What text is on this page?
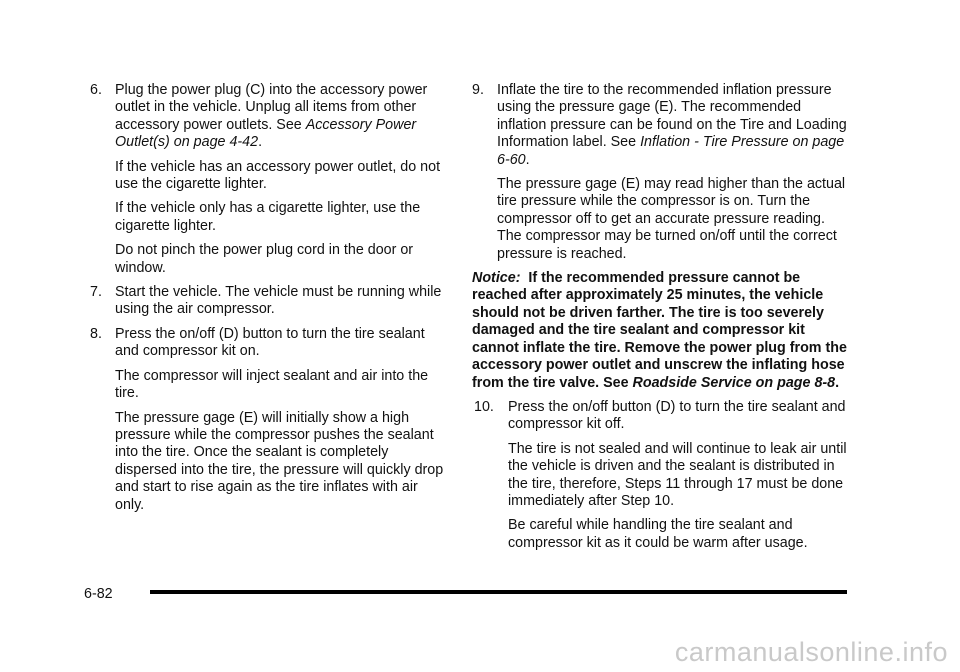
6. Plug the power plug (C) into the accessory power outlet in the vehicle. Unplug all items from other accessory power outlets. See Accessory Power Outlet(s) on page 4-42.

If the vehicle has an accessory power outlet, do not use the cigarette lighter.

If the vehicle only has a cigarette lighter, use the cigarette lighter.

Do not pinch the power plug cord in the door or window.

7. Start the vehicle. The vehicle must be running while using the air compressor.
8. Press the on/off (D) button to turn the tire sealant and compressor kit on.

The compressor will inject sealant and air into the tire.

The pressure gage (E) will initially show a high pressure while the compressor pushes the sealant into the tire. Once the sealant is completely dispersed into the tire, the pressure will quickly drop and start to rise again as the tire inflates with air only.

9. Inflate the tire to the recommended inflation pressure using the pressure gage (E). The recommended inflation pressure can be found on the Tire and Loading Information label. See Inflation - Tire Pressure on page 6-60.

The pressure gage (E) may read higher than the actual tire pressure while the compressor is on. Turn the compressor off to get an accurate pressure reading. The compressor may be turned on/off until the correct pressure is reached.

Notice: If the recommended pressure cannot be reached after approximately 25 minutes, the vehicle should not be driven farther. The tire is too severely damaged and the tire sealant and compressor kit cannot inflate the tire. Remove the power plug from the accessory power outlet and unscrew the inflating hose from the tire valve. See Roadside Service on page 8-8.

10. Press the on/off button (D) to turn the tire sealant and compressor kit off.

The tire is not sealed and will continue to leak air until the vehicle is driven and the sealant is distributed in the tire, therefore, Steps 11 through 17 must be done immediately after Step 10.

Be careful while handling the tire sealant and compressor kit as it could be warm after usage.

6-82
carmanualsonline.info
